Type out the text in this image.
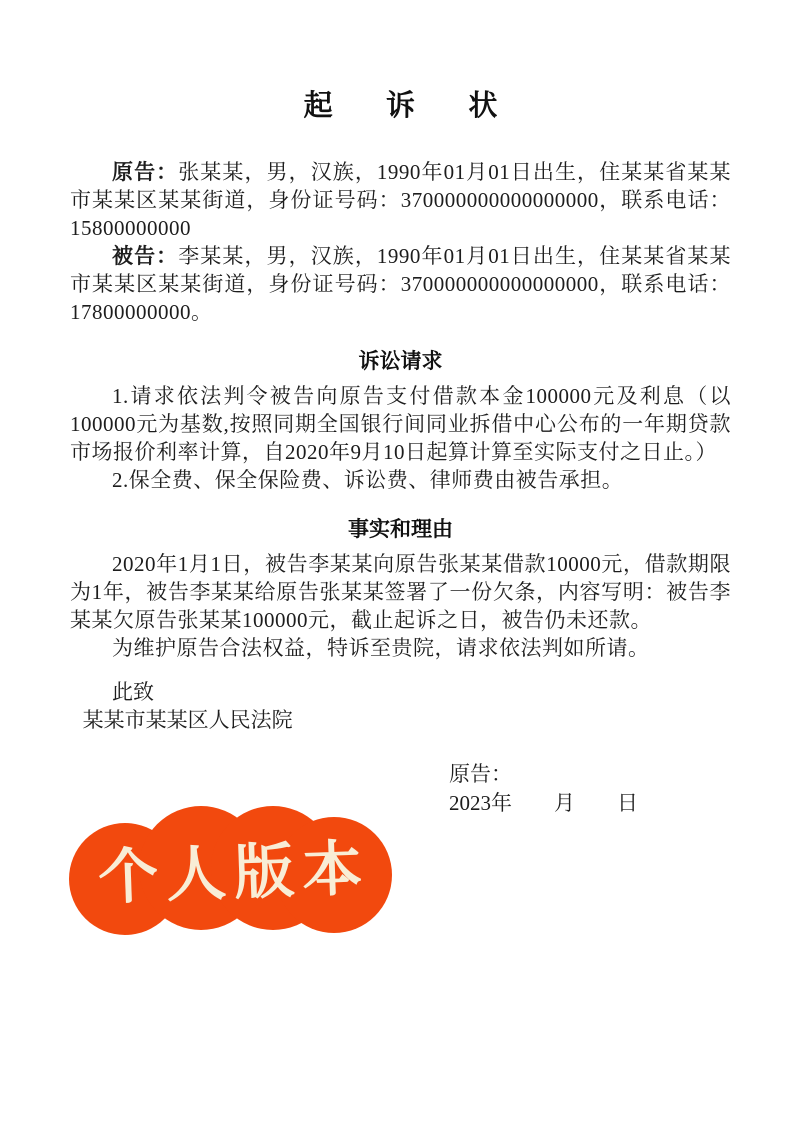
起　诉　状

原告：张某某，男，汉族，1990年01月01日出生，住某某省某某市某某区某某街道，身份证号码：370000000000000000，联系电话：15800000000

被告：李某某，男，汉族，1990年01月01日出生，住某某省某某市某某区某某街道，身份证号码：370000000000000000，联系电话：17800000000。

诉讼请求

1.请求依法判令被告向原告支付借款本金100000元及利息（以100000元为基数,按照同期全国银行间同业拆借中心公布的一年期贷款市场报价利率计算，自2020年9月10日起算计算至实际支付之日止。）

2.保全费、保全保险费、诉讼费、律师费由被告承担。

事实和理由

2020年1月1日，被告李某某向原告张某某借款10000元，借款期限为1年，被告李某某给原告张某某签署了一份欠条，内容写明：被告李某某欠原告张某某100000元，截止起诉之日，被告仍未还款。

为维护原告合法权益，特诉至贵院，请求依法判如所请。

此致

某某市某某区人民法院

原告：

2023年　　月　　日

个人版本
